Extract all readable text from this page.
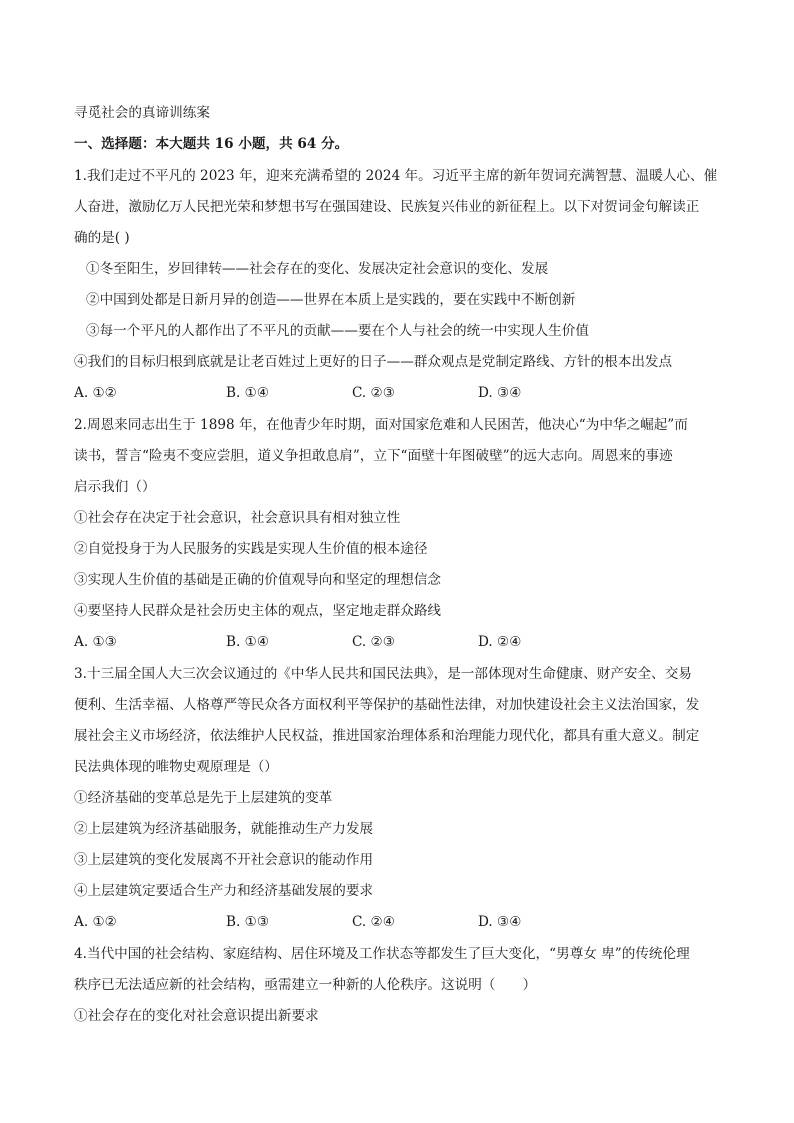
寻觅社会的真谛训练案
一、选择题：本大题共 16 小题，共 64 分。
1.我们走过不平凡的 2023 年，迎来充满希望的 2024 年。习近平主席的新年贺词充满智慧、温暖人心、催
人奋进，激励亿万人民把光荣和梦想书写在强国建设、民族复兴伟业的新征程上。以下对贺词金句解读正
确的是( )
①冬至阳生，岁回律转——社会存在的变化、发展决定社会意识的变化、发展
②中国到处都是日新月异的创造——世界在本质上是实践的，要在实践中不断创新
③每一个平凡的人都作出了不平凡的贡献——要在个人与社会的统一中实现人生价值
④我们的目标归根到底就是让老百姓过上更好的日子——群众观点是党制定路线、方针的根本出发点
A. ①②	B. ①④	C. ②③	D. ③④
2.周恩来同志出生于 1898 年，在他青少年时期，面对国家危难和人民困苦，他决心“为中华之崛起”而
读书，誓言“险夷不变应尝胆，道义争担敢息肩”，立下“面壁十年图破壁”的远大志向。周恩来的事迹
启示我们（）
①社会存在决定于社会意识，社会意识具有相对独立性
②自觉投身于为人民服务的实践是实现人生价值的根本途径
③实现人生价值的基础是正确的价值观导向和坚定的理想信念
④要坚持人民群众是社会历史主体的观点，坚定地走群众路线
A. ①③	B. ①④	C. ②③	D. ②④
3.十三届全国人大三次会议通过的《中华人民共和国民法典》，是一部体现对生命健康、财产安全、交易
便利、生活幸福、人格尊严等民众各方面权利平等保护的基础性法律，对加快建设社会主义法治国家，发
展社会主义市场经济，依法维护人民权益，推进国家治理体系和治理能力现代化，都具有重大意义。制定
民法典体现的唯物史观原理是（）
①经济基础的变革总是先于上层建筑的变革
②上层建筑为经济基础服务，就能推动生产力发展
③上层建筑的变化发展离不开社会意识的能动作用
④上层建筑定要适合生产力和经济基础发展的要求
A. ①②	B. ①③	C. ②④	D. ③④
4.当代中国的社会结构、家庭结构、居住环境及工作状态等都发生了巨大变化，“男尊女 卑”的传统伦理
秩序已无法适应新的社会结构，亟需建立一种新的人伦秩序。这说明（　　）
①社会存在的变化对社会意识提出新要求
